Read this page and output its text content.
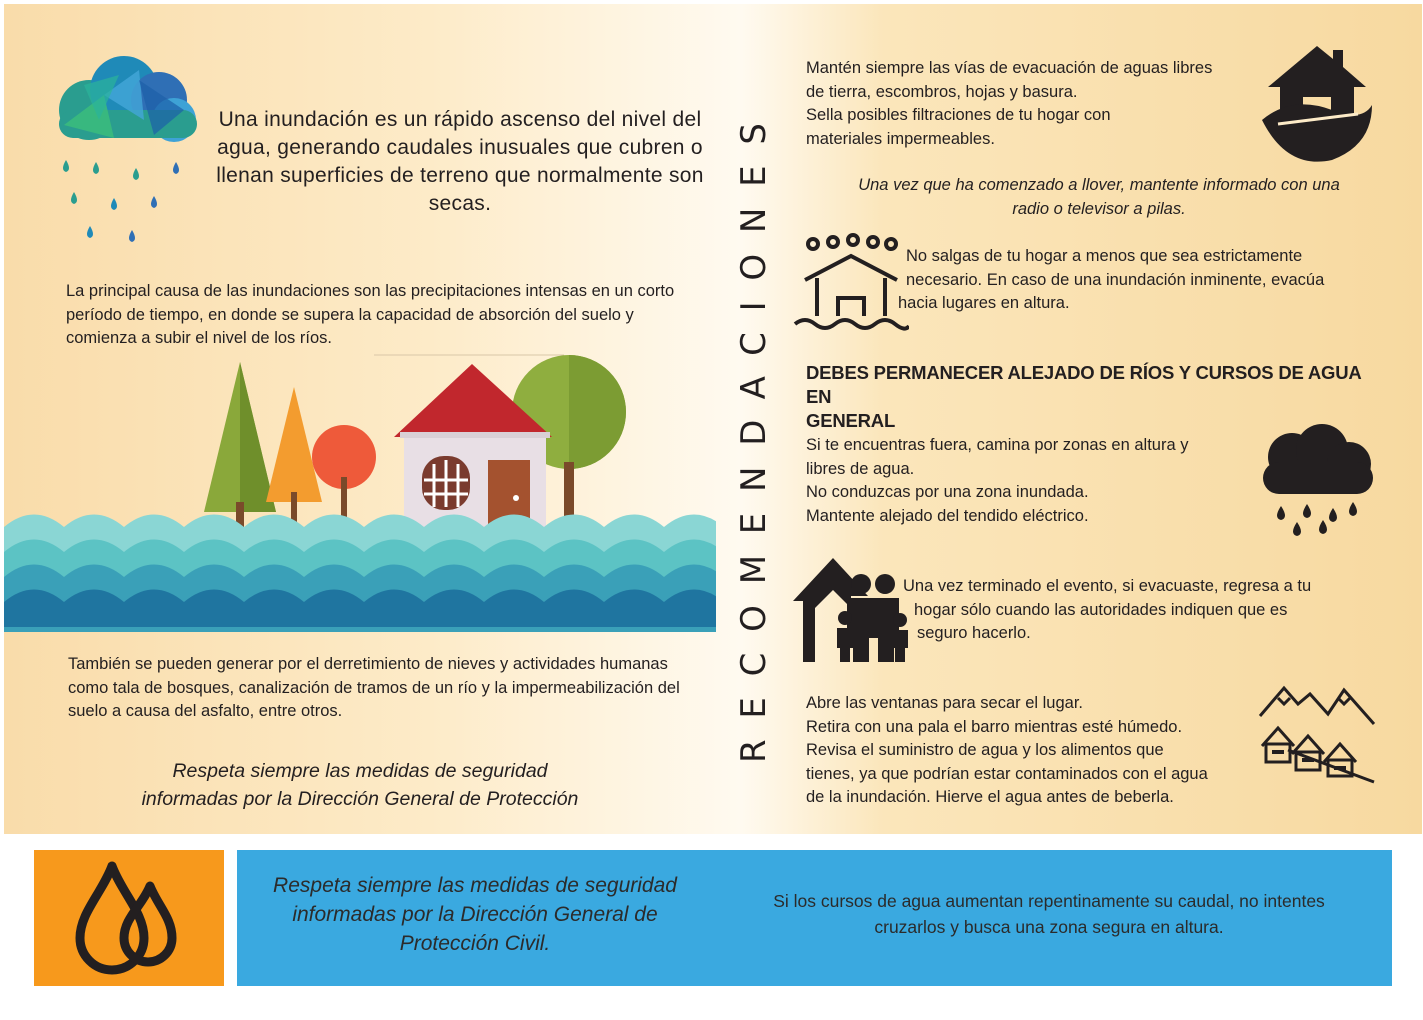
Una inundación es un rápido ascenso del nivel del agua, generando caudales inusuales que cubren o llenan superficies de terreno que normalmente son secas.
La principal causa de las inundaciones son las precipitaciones intensas en un corto período de tiempo, en donde se supera la capacidad de absorción del suelo y comienza a subir el nivel de los ríos.
También se pueden generar por el derretimiento de nieves y actividades humanas como tala de bosques, canalización de tramos de un río y la impermeabilización del suelo a causa del asfalto, entre otros.
Respeta siempre las medidas de seguridad
informadas por la Dirección General de Protección
RECOMENDACIONES
Mantén siempre las vías de evacuación de aguas libres
de tierra, escombros, hojas y basura.
Sella posibles filtraciones de tu hogar con
materiales impermeables.
Una vez que ha comenzado a llover, mantente informado con una
radio o televisor a pilas.
No salgas de tu hogar a menos que sea estrictamente
necesario. En caso de una inundación inminente, evacúa
hacia lugares en altura.
DEBES PERMANECER ALEJADO DE RÍOS Y CURSOS DE AGUA EN
GENERAL
Si te encuentras fuera, camina por zonas en altura y
libres de agua.
No conduzcas por una zona inundada.
Mantente alejado del tendido eléctrico.
Una vez terminado el evento, si evacuaste, regresa a tu
hogar sólo cuando las autoridades indiquen que es
seguro hacerlo.
Abre las ventanas para secar el lugar.
Retira con una pala el barro mientras esté húmedo.
Revisa el suministro de agua y los alimentos que
tienes, ya que podrían estar contaminados con el agua
de la inundación. Hierve el agua antes de beberla.
Respeta siempre las medidas de seguridad
informadas por la Dirección General de
Protección Civil.
Si los cursos de agua aumentan repentinamente su caudal, no intentes
cruzarlos y busca una zona segura en altura.
